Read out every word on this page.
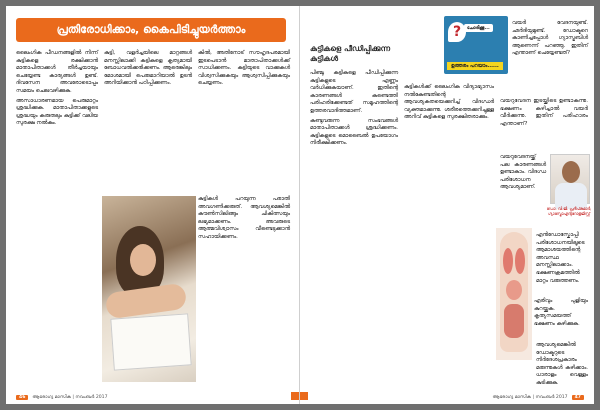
പ്രതിരോധിക്കാം, കൈപിടിച്ചുയർത്താം

ലൈംഗിക പീഡനങ്ങളിൽ നിന്ന് കുട്ടികളെ രക്ഷിക്കാൻ മാതാപിതാക്കൾ തീർച്ചയായും ചെയ്യേണ്ട കാര്യങ്ങൾ ഉണ്ട്. ദിവസേന അവരോടൊപ്പം സമയം ചെലവഴിക്കുക.

അസാധാരണമായ പെരുമാറ്റം ശ്രദ്ധിക്കുക. മാതാപിതാക്കളുടെ ശ്രദ്ധയും കരുതലും കുട്ടിക്ക് വലിയ സുരക്ഷ നൽകും.

കുട്ടി, വളർച്ചയിലെ മാറ്റങ്ങൾ മനസ്സിലാക്കി കുട്ടികളെ കൃത്യമായി ബോധവൽക്കരിക്കണം. ആരെങ്കിലും മോശമായി പെരുമാറിയാൽ ഉടൻ അറിയിക്കാൻ പഠിപ്പിക്കണം.

കിൽ, അതിനോട് സൗഹൃദപരമായി ഇടപെടാൻ മാതാപിതാക്കൾക്ക് സാധിക്കണം. കുട്ടിയുടെ വാക്കുകൾ വിശ്വസിക്കുകയും ആശ്വസിപ്പിക്കുകയും ചെയ്യണം.

കുട്ടികൾ പറയുന്ന പരാതി അവഗണിക്കരുത്. ആവശ്യമെങ്കിൽ കൗൺസിലിങ്ങും ചികിത്സയും ലഭ്യമാക്കണം. അവരുടെ ആത്മവിശ്വാസം വീണ്ടെടുക്കാൻ സഹായിക്കണം.

46	ആരോഗ്യ മാസിക | നവംബർ 2017
കുട്ടികളെ പീഡിപ്പിക്കുന്ന കുട്ടികൾ

പിഞ്ചു കുട്ടികളെ പീഡിപ്പിക്കുന്ന കുട്ടികളുടെ എണ്ണം വർധിക്കുകയാണ്. ഇതിന്റെ കാരണങ്ങൾ കണ്ടെത്തി പരിഹരിക്കേണ്ടത് സമൂഹത്തിന്റെ ഉത്തരവാദിത്തമാണ്.

കണ്ടുവരുന്ന സംഭവങ്ങൾ മാതാപിതാക്കൾ ശ്രദ്ധിക്കണം. കുട്ടികളുടെ മൊബൈൽ ഉപയോഗം നിരീക്ഷിക്കണം.

കുട്ടികൾക്ക് ലൈംഗിക വിദ്യാഭ്യാസം നൽകേണ്ടതിന്റെ ആവശ്യകതയെക്കുറിച്ച് വിദഗ്ധർ വ്യക്തമാക്കുന്നു. ശരീരത്തെക്കുറിച്ചുള്ള അറിവ് കുട്ടികളെ സുരക്ഷിതരാക്കും.

?	ചോദിക്കൂ...
ഉത്തരം പറയാം......

വയർ വേദനയുണ്ട്. ഛർദിയുമുണ്ട്. ഡോക്ടറെ കാണിച്ചപ്പോൾ ഗ്യാസ്ട്രബിൾ ആണെന്ന് പറഞ്ഞു. ഇതിന് എന്താണ് ചെയ്യേണ്ടത്?

വയറുവേദന ഇടയ്ക്കിടെ ഉണ്ടാകുന്നു. ഭക്ഷണം കഴിച്ചാൽ വയർ വീർക്കുന്നു. ഇതിന് പരിഹാരം എന്താണ്?

വയറുവേദനയ്ക്ക് പല കാരണങ്ങൾ ഉണ്ടാകാം. വിദഗ്ധ പരിശോധന ആവശ്യമാണ്.

ഡോ. വി.ജി. പ്രദീപ്കുമാർ, ഗ്യാസ്ട്രോഎന്ററോളജിസ്റ്റ്

എൻഡോസ്കോപ്പി പരിശോധനയിലൂടെ ആമാശയത്തിന്റെ അവസ്ഥ മനസ്സിലാക്കാം. ഭക്ഷണക്രമത്തിൽ മാറ്റം വരുത്തണം.

എരിവും പുളിയും കുറയ്ക്കുക. കൃത്യസമയത്ത് ഭക്ഷണം കഴിക്കുക.

ആവശ്യമെങ്കിൽ ഡോക്ടറുടെ നിർദേശപ്രകാരം മരുന്നുകൾ കഴിക്കാം. ധാരാളം വെള്ളം കുടിക്കുക.

ആരോഗ്യ മാസിക | നവംബർ 2017	47
